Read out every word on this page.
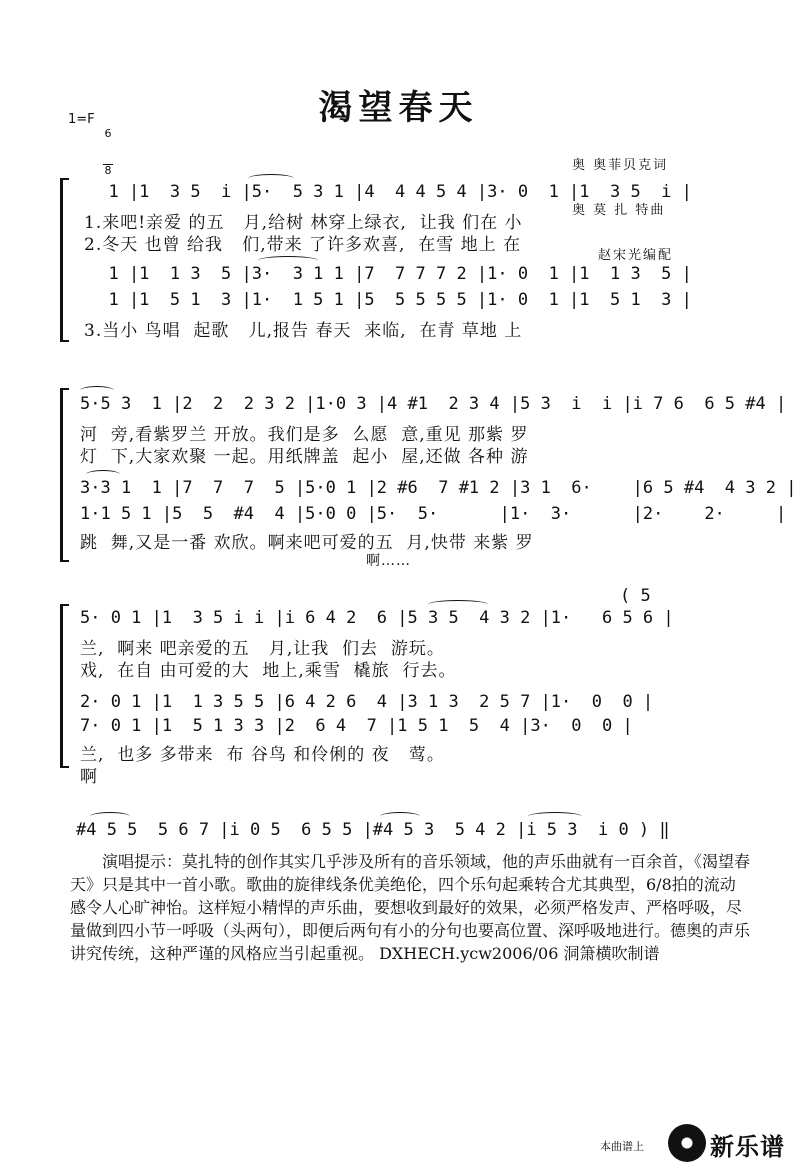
渴望春天
1=F

6

8

	奥 奥菲贝克词

奥 莫 扎 特曲

赵宋光编配

1 |1  3 5  i |5·  5 3 1 |4  4 4 5 4 |3· 0  1 |1  3 5  i |
1.来吧!亲爱 的五   月,给树 林穿上绿衣,  让我 们在 小
2.冬天 也曾 给我   们,带来 了许多欢喜,  在雪 地上 在
1 |1  1 3  5 |3·  3 1 1 |7  7 7 7 2 |1· 0  1 |1  1 3  5 |
1 |1  5 1  3 |1·  1 5 1 |5  5 5 5 5 |1· 0  1 |1  5 1  3 |
3.当小 鸟唱  起歌   儿,报告 春天  来临,  在青 草地 上
5·5 3  1 |2  2  2 3 2 |1·0 3 |4 #1  2 3 4 |5 3  i  i |i 7 6  6 5 #4 |
河  旁,看紫罗兰 开放。我们是多  么愿  意,重见 那紫 罗
灯  下,大家欢聚 一起。用纸牌盖  起小  屋,还做 各种 游
3·3 1  1 |7  7  7  5 |5·0 1 |2 #6  7 #1 2 |3 1  6·    |6 5 #4  4 3 2 |
1·1 5 1 |5  5  #4  4 |5·0 0 |5·  5·      |1·  3·      |2·    2·     |
跳  舞,又是一番 欢欣。啊来吧可爱的五  月,快带 来紫 罗
啊……
( 5
5· 0 1 |1  3 5 i i |i 6 4 2  6 |5 3 5  4 3 2 |1·   6 5 6 |
兰,  啊来 吧亲爱的五   月,让我  们去  游玩。
戏,  在自 由可爱的大  地上,乘雪  橇旅  行去。
2· 0 1 |1  1 3 5 5 |6 4 2 6  4 |3 1 3  2 5 7 |1·  0  0 |
7· 0 1 |1  5 1 3 3 |2  6 4  7 |1 5 1  5  4 |3·  0  0 |
兰,  也多 多带来  布 谷鸟 和伶俐的 夜   莺。
啊
#4 5 5  5 6 7 |i 0 5  6 5 5 |#4 5 3  5 4 2 |i 5 3  i 0 ) ‖

演唱提示：莫扎特的创作其实几乎涉及所有的音乐领域，他的声乐曲就有一百余首，《渴望春天》只是其中一首小歌。歌曲的旋律线条优美绝伦，四个乐句起乘转合尤其典型，6/8拍的流动感令人心旷神怡。这样短小精悍的声乐曲，要想收到最好的效果，必须严格发声、严格呼吸，尽量做到四小节一呼吸（头两句），即便后两句有小的分句也要高位置、深呼吸地进行。德奥的声乐讲究传统，这种严谨的风格应当引起重视。 DXHECH.ycw2006/06 洞箫横吹制谱

本曲谱上	新乐谱
